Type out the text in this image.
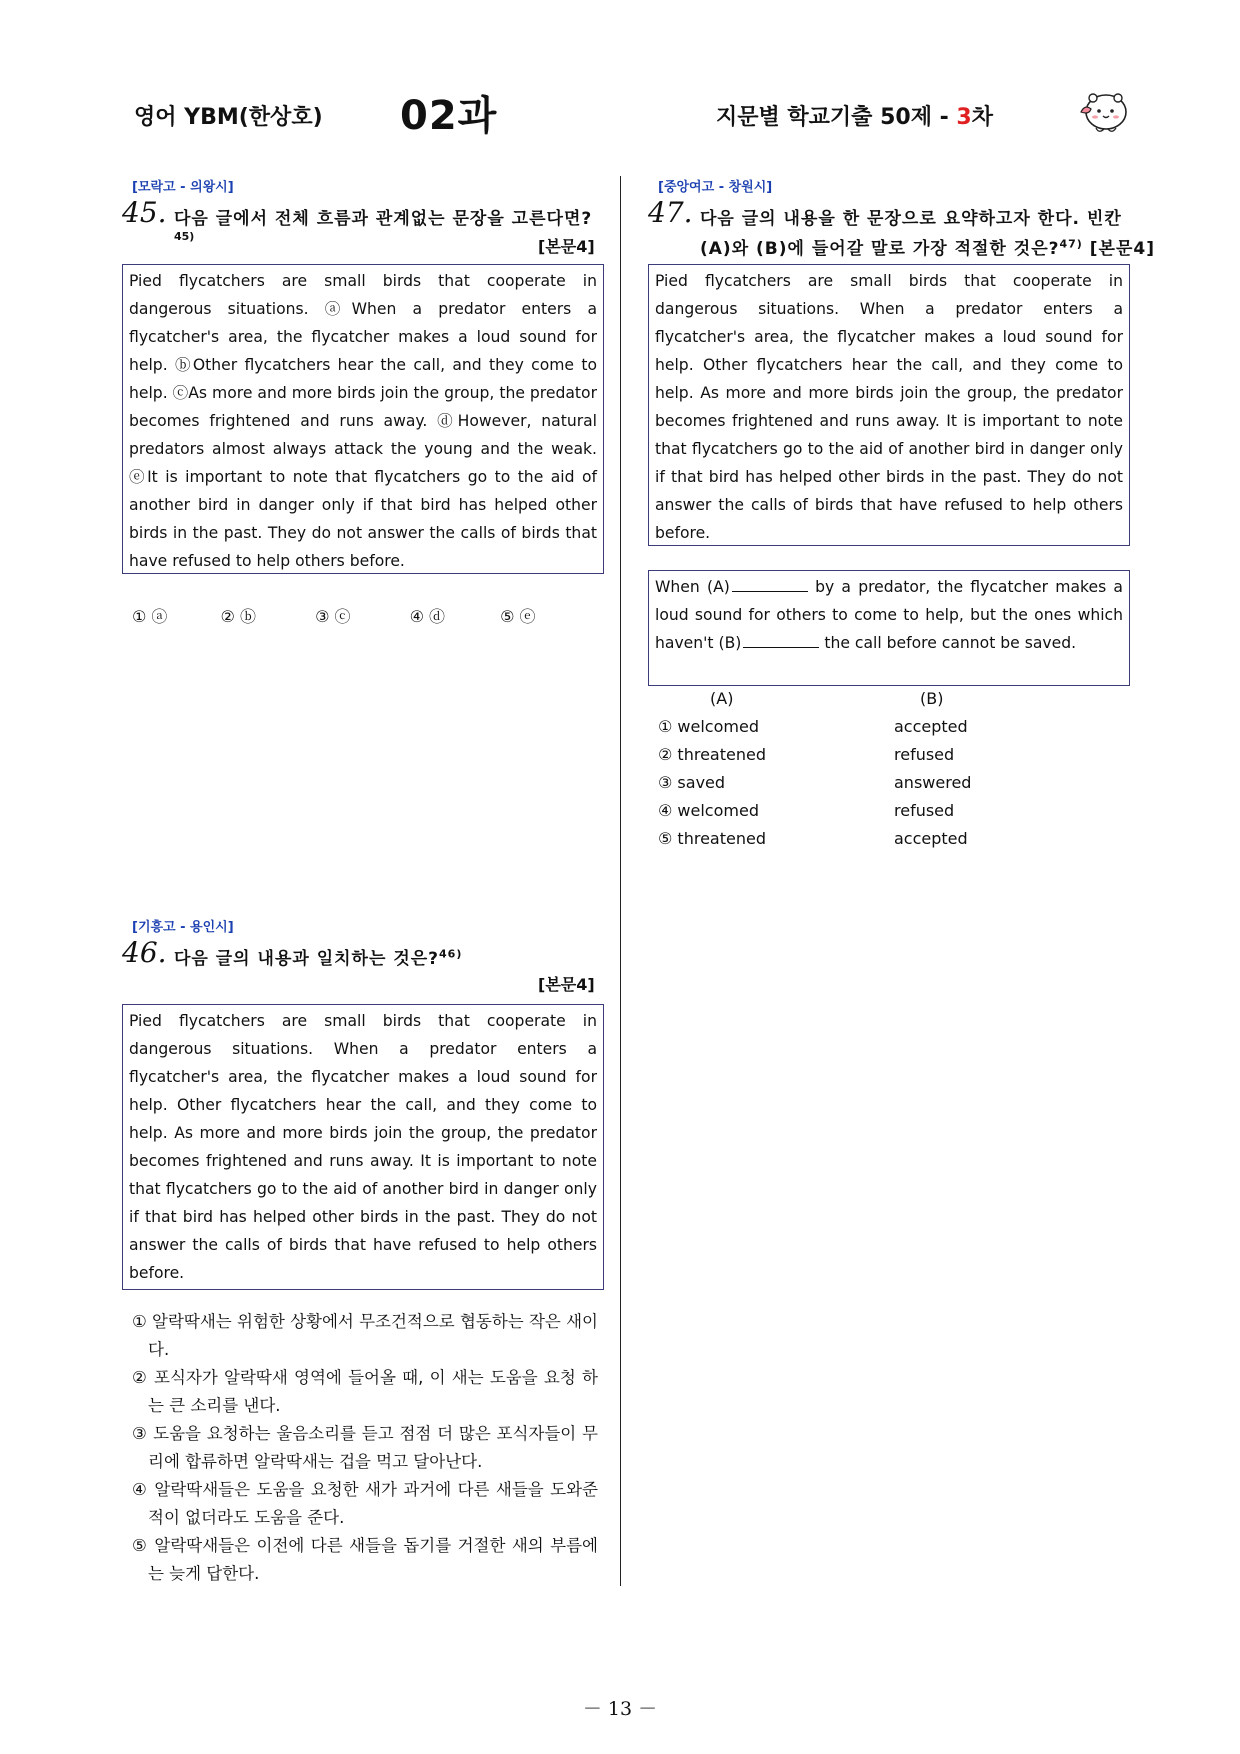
영어 YBM(한상호) 02과	지문별 학교기출 50제 - 3차
[모락고 - 의왕시]
45. 다음 글에서 전체 흐름과 관계없는 문장을 고른다면?
45)
[본문4]
Pied flycatchers are small birds that cooperate in dangerous situations. ⓐWhen a predator enters a flycatcher's area, the flycatcher makes a loud sound for help. ⓑOther flycatchers hear the call, and they come to help. ⓒAs more and more birds join the group, the predator becomes frightened and runs away. ⓓHowever, natural predators almost always attack the young and the weak. ⓔIt is important to note that flycatchers go to the aid of another bird in danger only if that bird has helped other birds in the past. They do not answer the calls of birds that have refused to help others before.
① ⓐ	② ⓑ	③ ⓒ	④ ⓓ	⑤ ⓔ
[기흥고 - 용인시]
46. 다음 글의 내용과 일치하는 것은?$^{46)}$
[본문4]
Pied flycatchers are small birds that cooperate in dangerous situations. When a predator enters a flycatcher's area, the flycatcher makes a loud sound for help. Other flycatchers hear the call, and they come to help. As more and more birds join the group, the predator becomes frightened and runs away. It is important to note that flycatchers go to the aid of another bird in danger only if that bird has helped other birds in the past. They do not answer the calls of birds that have refused to help others before.
① 알락딱새는 위험한 상황에서 무조건적으로 협동하는 작은 새이다.
② 포식자가 알락딱새 영역에 들어올 때, 이 새는 도움을 요청 하는 큰 소리를 낸다.
③ 도움을 요청하는 울음소리를 듣고 점점 더 많은 포식자들이 무리에 합류하면 알락딱새는 겁을 먹고 달아난다.
④ 알락딱새들은 도움을 요청한 새가 과거에 다른 새들을 도와준 적이 없더라도 도움을 준다.
⑤ 알락딱새들은 이전에 다른 새들을 돕기를 거절한 새의 부름에는 늦게 답한다.
[중앙여고 - 창원시]
47. 다음 글의 내용을 한 문장으로 요약하고자 한다. 빈칸
(A)와 (B)에 들어갈 말로 가장 적절한 것은?$^{47)}$ [본문4]
Pied flycatchers are small birds that cooperate in dangerous situations. When a predator enters a flycatcher's area, the flycatcher makes a loud sound for help. Other flycatchers hear the call, and they come to help. As more and more birds join the group, the predator becomes frightened and runs away. It is important to note that flycatchers go to the aid of another bird in danger only if that bird has helped other birds in the past. They do not answer the calls of birds that have refused to help others before.
When (A)	by a predator, the flycatcher makes a loud sound for others to come to help, but the ones which haven't (B)	the call before cannot be saved.
(A)	(B)
① welcomed	accepted
② threatened	refused
③ saved	answered
④ welcomed	refused
⑤ threatened	accepted
－ 13 －
